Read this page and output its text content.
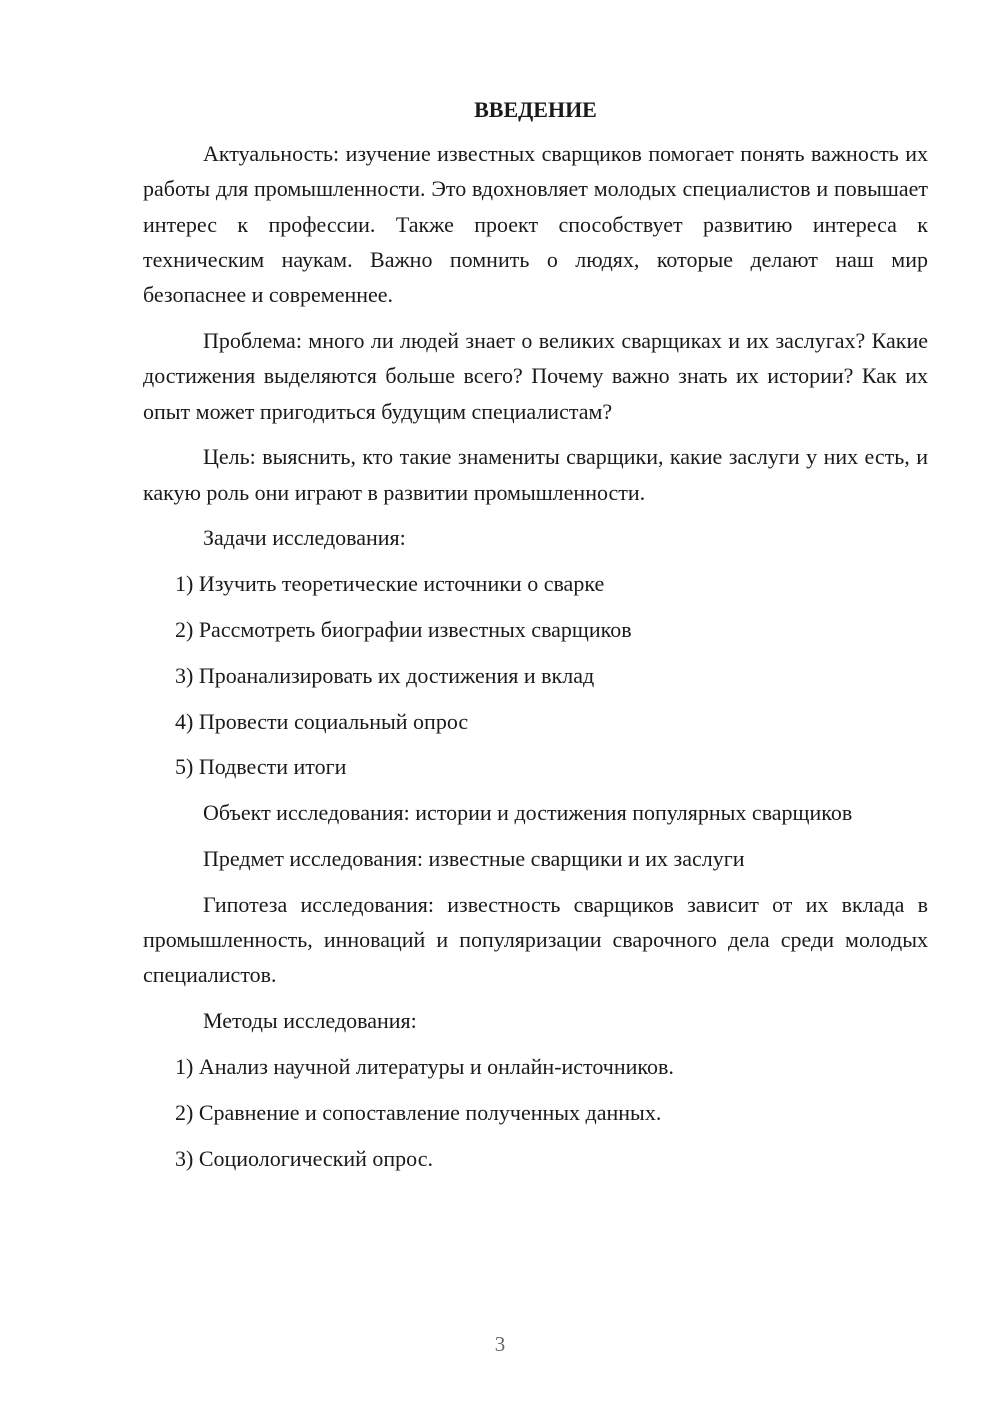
ВВЕДЕНИЕ

Актуальность: изучение известных сварщиков помогает понять важность их работы для промышленности. Это вдохновляет молодых специалистов и повышает интерес к профессии. Также проект способствует развитию интереса к техническим наукам. Важно помнить о людях, которые делают наш мир безопаснее и современнее.

Проблема: много ли людей знает о великих сварщиках и их заслугах? Какие достижения выделяются больше всего? Почему важно знать их истории? Как их опыт может пригодиться будущим специалистам?

Цель: выяснить, кто такие знамениты сварщики, какие заслуги у них есть, и какую роль они играют в развитии промышленности.

Задачи исследования:

1) Изучить теоретические источники о сварке
2) Рассмотреть биографии известных сварщиков
3) Проанализировать их достижения и вклад
4) Провести социальный опрос
5) Подвести итоги

Объект исследования: истории и достижения популярных сварщиков

Предмет исследования: известные сварщики и их заслуги

Гипотеза исследования: известность сварщиков зависит от их вклада в промышленность, инноваций и популяризации сварочного дела среди молодых специалистов.

Методы исследования:

1) Анализ научной литературы и онлайн-источников.
2) Сравнение и сопоставление полученных данных.
3) Социологический опрос.
3
